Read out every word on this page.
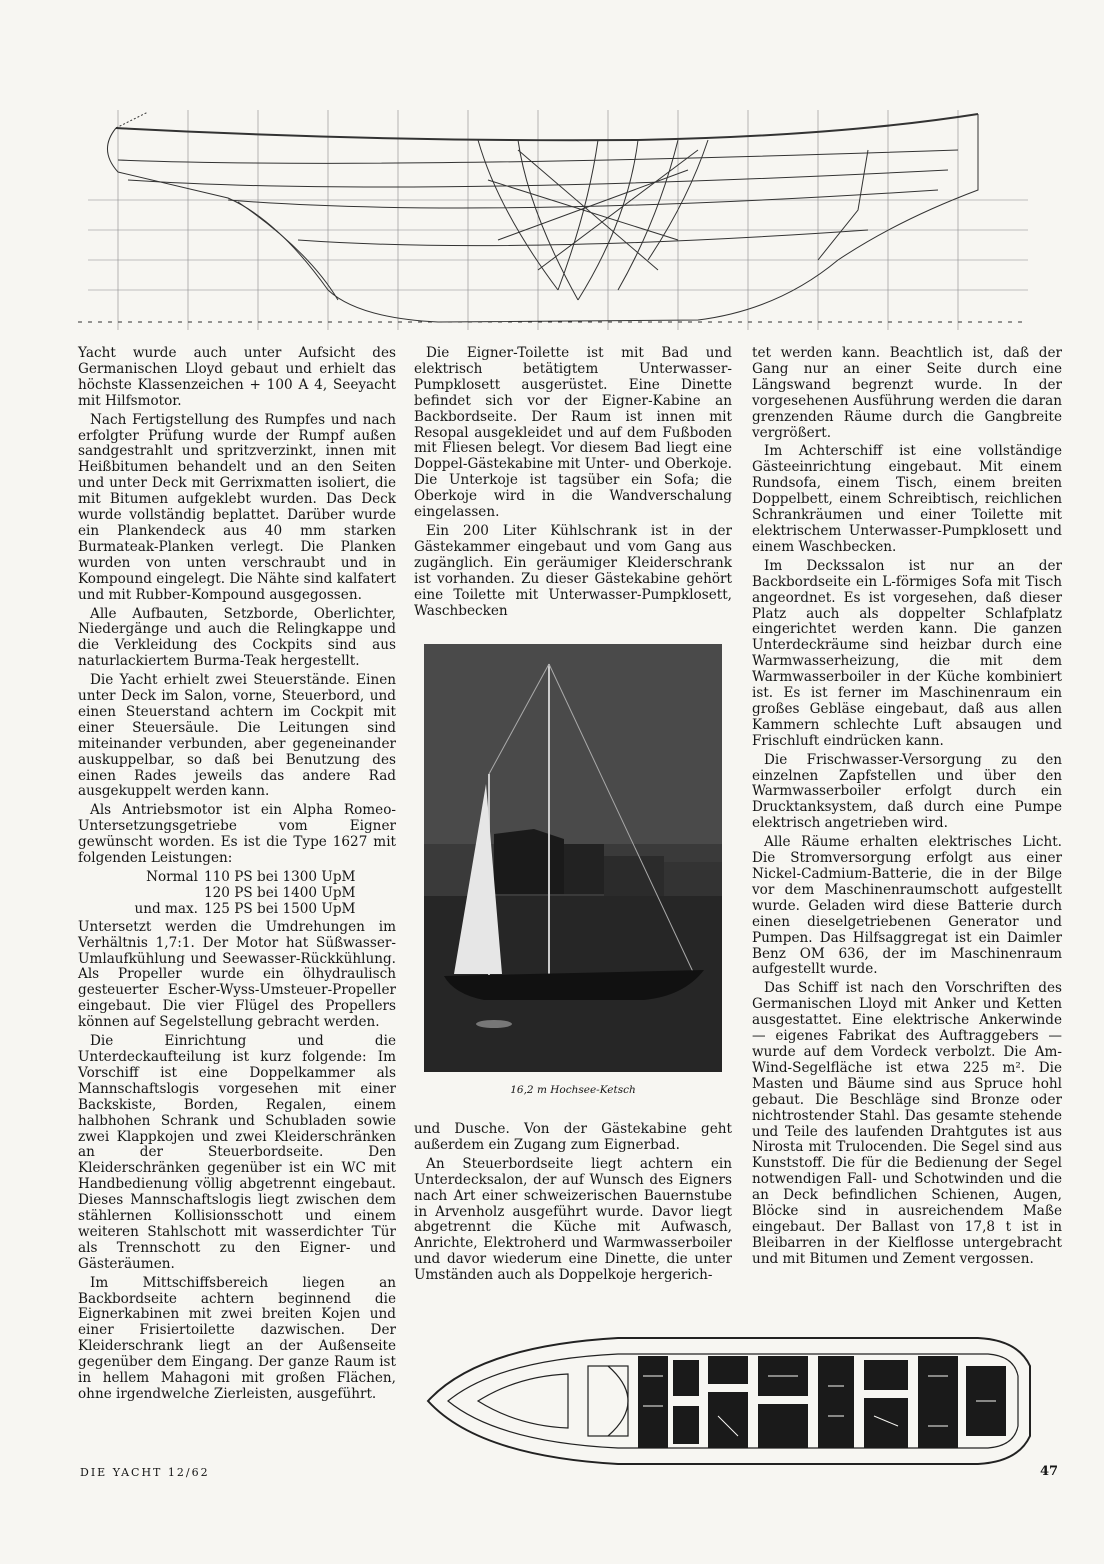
Yacht wurde auch unter Aufsicht des Germanischen Lloyd gebaut und erhielt das höchste Klassenzeichen + 100 A 4, Seeyacht mit Hilfsmotor.

Nach Fertigstellung des Rumpfes und nach erfolgter Prüfung wurde der Rumpf außen sandgestrahlt und spritzverzinkt, innen mit Heißbitumen behandelt und an den Seiten und unter Deck mit Gerrixmatten isoliert, die mit Bitumen aufgeklebt wurden. Das Deck wurde vollständig beplattet. Darüber wurde ein Plankendeck aus 40 mm starken Burmateak-Planken verlegt. Die Planken wurden von unten verschraubt und in Kompound eingelegt. Die Nähte sind kalfatert und mit Rubber-Kompound ausgegossen.

Alle Aufbauten, Setzborde, Oberlichter, Niedergänge und auch die Relingkappe und die Verkleidung des Cockpits sind aus naturlackiertem Burma-Teak hergestellt.

Die Yacht erhielt zwei Steuerstände. Einen unter Deck im Salon, vorne, Steuerbord, und einen Steuerstand achtern im Cockpit mit einer Steuersäule. Die Leitungen sind miteinander verbunden, aber gegeneinander auskuppelbar, so daß bei Benutzung des einen Rades jeweils das andere Rad ausgekuppelt werden kann.

Als Antriebsmotor ist ein Alpha Romeo-Untersetzungsgetriebe vom Eigner gewünscht worden. Es ist die Type 1627 mit folgenden Leistungen:

Normal 110 PS bei 1300 UpM
120 PS bei 1400 UpM
und max. 125 PS bei 1500 UpM

Untersetzt werden die Umdrehungen im Verhältnis 1,7:1. Der Motor hat Süßwasser-Umlaufkühlung und Seewasser-Rückkühlung. Als Propeller wurde ein ölhydraulisch gesteuerter Escher-Wyss-Umsteuer-Propeller eingebaut. Die vier Flügel des Propellers können auf Segelstellung gebracht werden.

Die Einrichtung und die Unterdeckaufteilung ist kurz folgende: Im Vorschiff ist eine Doppelkammer als Mannschaftslogis vorgesehen mit einer Backskiste, Borden, Regalen, einem halbhohen Schrank und Schubladen sowie zwei Klappkojen und zwei Kleiderschränken an der Steuerbordseite. Den Kleiderschränken gegenüber ist ein WC mit Handbedienung völlig abgetrennt eingebaut. Dieses Mannschaftslogis liegt zwischen dem stählernen Kollisionsschott und einem weiteren Stahlschott mit wasserdichter Tür als Trennschott zu den Eigner- und Gästeräumen.

Im Mittschiffsbereich liegen an Backbordseite achtern beginnend die Eignerkabinen mit zwei breiten Kojen und einer Frisiertoilette dazwischen. Der Kleiderschrank liegt an der Außenseite gegenüber dem Eingang. Der ganze Raum ist in hellem Mahagoni mit großen Flächen, ohne irgendwelche Zierleisten, ausgeführt.

Die Eigner-Toilette ist mit Bad und elektrisch betätigtem Unterwasser-Pumpklosett ausgerüstet. Eine Dinette befindet sich vor der Eigner-Kabine an Backbordseite. Der Raum ist innen mit Resopal ausgekleidet und auf dem Fußboden mit Fliesen belegt. Vor diesem Bad liegt eine Doppel-Gästekabine mit Unter- und Oberkoje. Die Unterkoje ist tagsüber ein Sofa; die Oberkoje wird in die Wandverschalung eingelassen.

Ein 200 Liter Kühlschrank ist in der Gästekammer eingebaut und vom Gang aus zugänglich. Ein geräumiger Kleiderschrank ist vorhanden. Zu dieser Gästekabine gehört eine Toilette mit Unterwasser-Pumpklosett, Waschbecken

16,2 m Hochsee-Ketsch

und Dusche. Von der Gästekabine geht außerdem ein Zugang zum Eignerbad.

An Steuerbordseite liegt achtern ein Unterdecksalon, der auf Wunsch des Eigners nach Art einer schweizerischen Bauernstube in Arvenholz ausgeführt wurde. Davor liegt abgetrennt die Küche mit Aufwasch, Anrichte, Elektroherd und Warmwasserboiler und davor wiederum eine Dinette, die unter Umständen auch als Doppelkoje hergerich-

tet werden kann. Beachtlich ist, daß der Gang nur an einer Seite durch eine Längswand begrenzt wurde. In der vorgesehenen Ausführung werden die daran grenzenden Räume durch die Gangbreite vergrößert.

Im Achterschiff ist eine vollständige Gästeeinrichtung eingebaut. Mit einem Rundsofa, einem Tisch, einem breiten Doppelbett, einem Schreibtisch, reichlichen Schrankräumen und einer Toilette mit elektrischem Unterwasser-Pumpklosett und einem Waschbecken.

Im Deckssalon ist nur an der Backbordseite ein L-förmiges Sofa mit Tisch angeordnet. Es ist vorgesehen, daß dieser Platz auch als doppelter Schlafplatz eingerichtet werden kann. Die ganzen Unterdeckräume sind heizbar durch eine Warmwasserheizung, die mit dem Warmwasserboiler in der Küche kombiniert ist. Es ist ferner im Maschinenraum ein großes Gebläse eingebaut, daß aus allen Kammern schlechte Luft absaugen und Frischluft eindrücken kann.

Die Frischwasser-Versorgung zu den einzelnen Zapfstellen und über den Warmwasserboiler erfolgt durch ein Drucktanksystem, daß durch eine Pumpe elektrisch angetrieben wird.

Alle Räume erhalten elektrisches Licht. Die Stromversorgung erfolgt aus einer Nickel-Cadmium-Batterie, die in der Bilge vor dem Maschinenraumschott aufgestellt wurde. Geladen wird diese Batterie durch einen dieselgetriebenen Generator und Pumpen. Das Hilfsaggregat ist ein Daimler Benz OM 636, der im Maschinenraum aufgestellt wurde.

Das Schiff ist nach den Vorschriften des Germanischen Lloyd mit Anker und Ketten ausgestattet. Eine elektrische Ankerwinde — eigenes Fabrikat des Auftraggebers — wurde auf dem Vordeck verbolzt. Die Am-Wind-Segelfläche ist etwa 225 m². Die Masten und Bäume sind aus Spruce hohl gebaut. Die Beschläge sind Bronze oder nichtrostender Stahl. Das gesamte stehende und Teile des laufenden Drahtgutes ist aus Nirosta mit Trulocenden. Die Segel sind aus Kunststoff. Die für die Bedienung der Segel notwendigen Fall- und Schotwinden und die an Deck befindlichen Schienen, Augen, Blöcke sind in ausreichendem Maße eingebaut. Der Ballast von 17,8 t ist in Bleibarren in der Kielflosse untergebracht und mit Bitumen und Zement vergossen.

DIE YACHT 12/62	47
